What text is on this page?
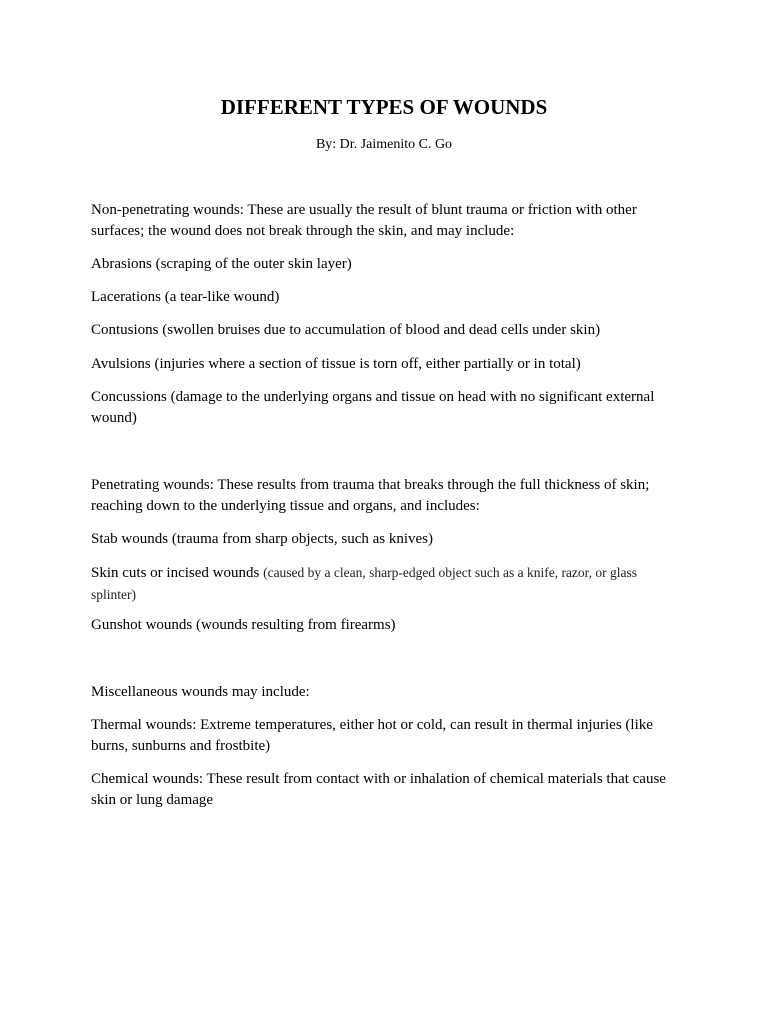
DIFFERENT TYPES OF WOUNDS

By: Dr. Jaimenito C. Go

Non-penetrating wounds: These are usually the result of blunt trauma or friction with other surfaces; the wound does not break through the skin, and may include:

Abrasions (scraping of the outer skin layer)

Lacerations (a tear-like wound)

Contusions (swollen bruises due to accumulation of blood and dead cells under skin)

Avulsions (injuries where a section of tissue is torn off, either partially or in total)

Concussions (damage to the underlying organs and tissue on head with no significant external wound)

Penetrating wounds: These results from trauma that breaks through the full thickness of skin; reaching down to the underlying tissue and organs, and includes:

Stab wounds (trauma from sharp objects, such as knives)

Skin cuts or incised wounds (caused by a clean, sharp-edged object such as a knife, razor, or glass splinter)

Gunshot wounds (wounds resulting from firearms)

Miscellaneous wounds may include:

Thermal wounds: Extreme temperatures, either hot or cold, can result in thermal injuries (like burns, sunburns and frostbite)

Chemical wounds: These result from contact with or inhalation of chemical materials that cause skin or lung damage
